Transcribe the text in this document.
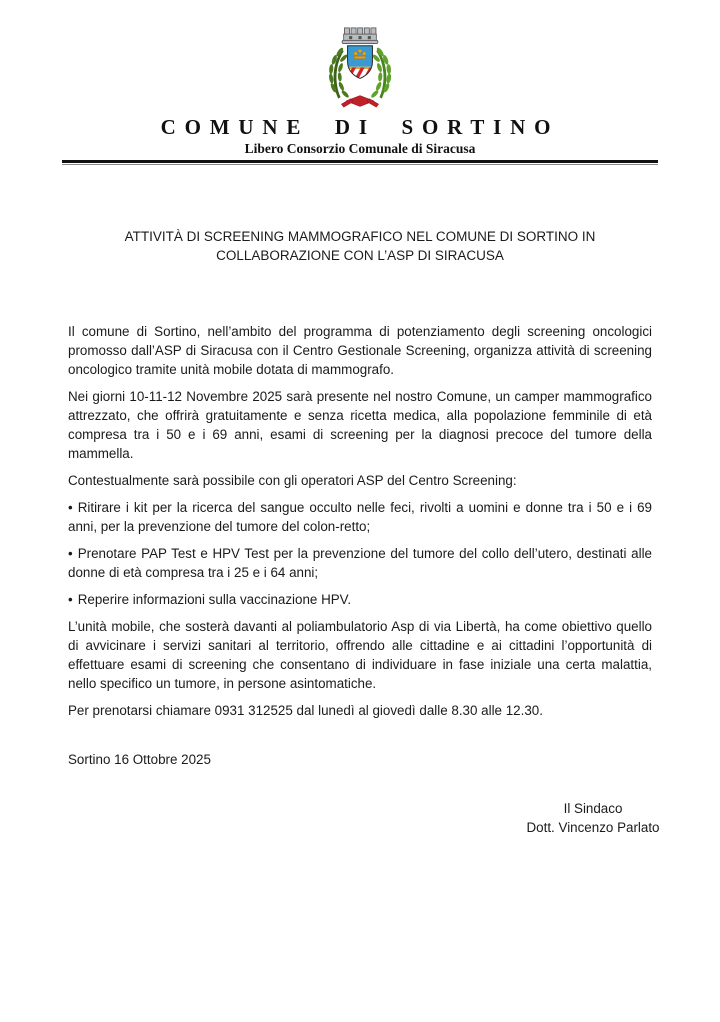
COMUNE DI SORTINO
Libero Consorzio Comunale di Siracusa
ATTIVITÀ DI SCREENING MAMMOGRAFICO NEL COMUNE DI SORTINO IN COLLABORAZIONE CON L’ASP DI SIRACUSA

Il comune di Sortino, nell’ambito del programma di potenziamento degli screening oncologici promosso dall’ASP di Siracusa con il Centro Gestionale Screening, organizza attività di screening oncologico tramite unità mobile dotata di mammografo.

Nei giorni 10-11-12 Novembre 2025 sarà presente nel nostro Comune, un camper mammografico attrezzato, che offrirà gratuitamente e senza ricetta medica, alla popolazione femminile di età compresa tra i 50 e i 69 anni, esami di screening per la diagnosi precoce del tumore della mammella.

Contestualmente sarà possibile con gli operatori ASP del Centro Screening:

• Ritirare i kit per la ricerca del sangue occulto nelle feci, rivolti a uomini e donne tra i 50 e i 69 anni, per la prevenzione del tumore del colon-retto;

• Prenotare PAP Test e HPV Test per la prevenzione del tumore del collo dell’utero, destinati alle donne di età compresa tra i 25 e i 64 anni;

• Reperire informazioni sulla vaccinazione HPV.

L’unità mobile, che sosterà davanti al poliambulatorio Asp di via Libertà, ha come obiettivo quello di avvicinare i servizi sanitari al territorio, offrendo alle cittadine e ai cittadini l’opportunità di effettuare esami di screening che consentano di individuare in fase iniziale una certa malattia, nello specifico un tumore, in persone asintomatiche.

Per prenotarsi chiamare 0931 312525 dal lunedì al giovedì dalle 8.30 alle 12.30.

Sortino 16 Ottobre 2025
Il Sindaco
Dott. Vincenzo Parlato
